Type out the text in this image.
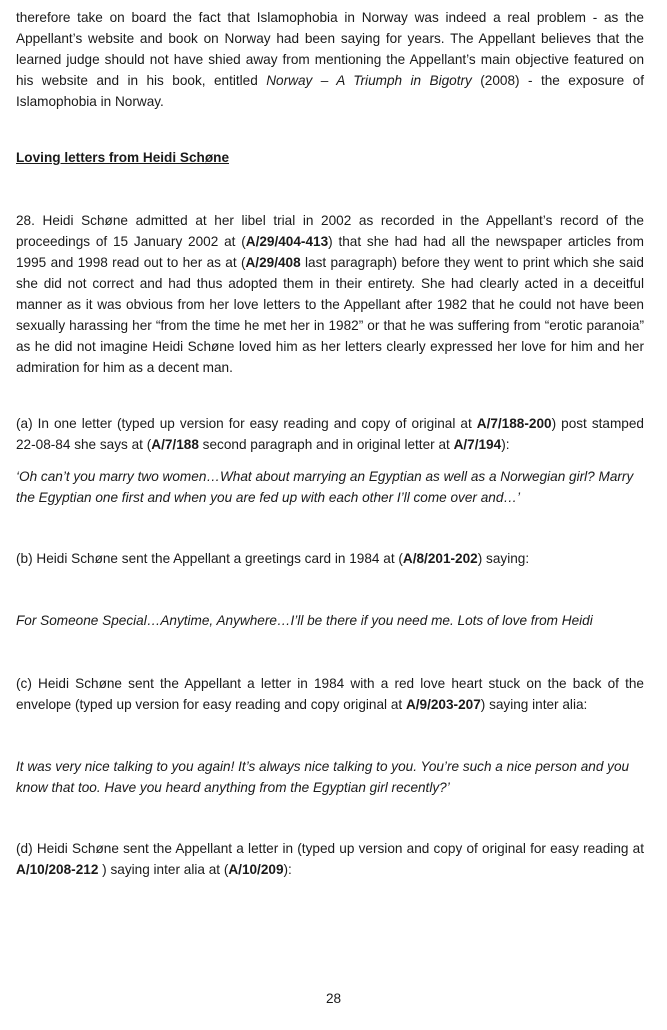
therefore take on board the fact that Islamophobia in Norway was indeed a real problem - as the Appellant’s website and book on Norway had been saying for years. The Appellant believes that the learned judge should not have shied away from mentioning the Appellant’s main objective featured on his website and in his book, entitled Norway – A Triumph in Bigotry (2008) - the exposure of Islamophobia in Norway.

Loving letters from Heidi Schøne

28. Heidi Schøne admitted at her libel trial in 2002 as recorded in the Appellant’s record of the proceedings of 15 January 2002 at (A/29/404-413) that she had had all the newspaper articles from 1995 and 1998 read out to her as at (A/29/408 last paragraph) before they went to print which she said she did not correct and had thus adopted them in their entirety. She had clearly acted in a deceitful manner as it was obvious from her love letters to the Appellant after 1982 that he could not have been sexually harassing her “from the time he met her in 1982” or that he was suffering from “erotic paranoia” as he did not imagine Heidi Schøne loved him as her letters clearly expressed her love for him and her admiration for him as a decent man.

(a) In one letter (typed up version for easy reading and copy of original at A/7/188-200) post stamped 22-08-84 she says at (A/7/188 second paragraph and in original letter at A/7/194):

‘Oh can’t you marry two women…What about marrying an Egyptian as well as a Norwegian girl? Marry the Egyptian one first and when you are fed up with each other I’ll come over and…’

(b) Heidi Schøne sent the Appellant a greetings card in 1984 at (A/8/201-202) saying:

For Someone Special…Anytime, Anywhere…I’ll be there if you need me. Lots of love from Heidi

(c) Heidi Schøne sent the Appellant a letter in 1984 with a red love heart stuck on the back of the envelope (typed up version for easy reading and copy original at A/9/203-207) saying inter alia:

It was very nice talking to you again! It’s always nice talking to you. You’re such a nice person and you know that too. Have you heard anything from the Egyptian girl recently?’

(d) Heidi Schøne sent the Appellant a letter in (typed up version and copy of original for easy reading at A/10/208-212 ) saying inter alia at (A/10/209):

28
